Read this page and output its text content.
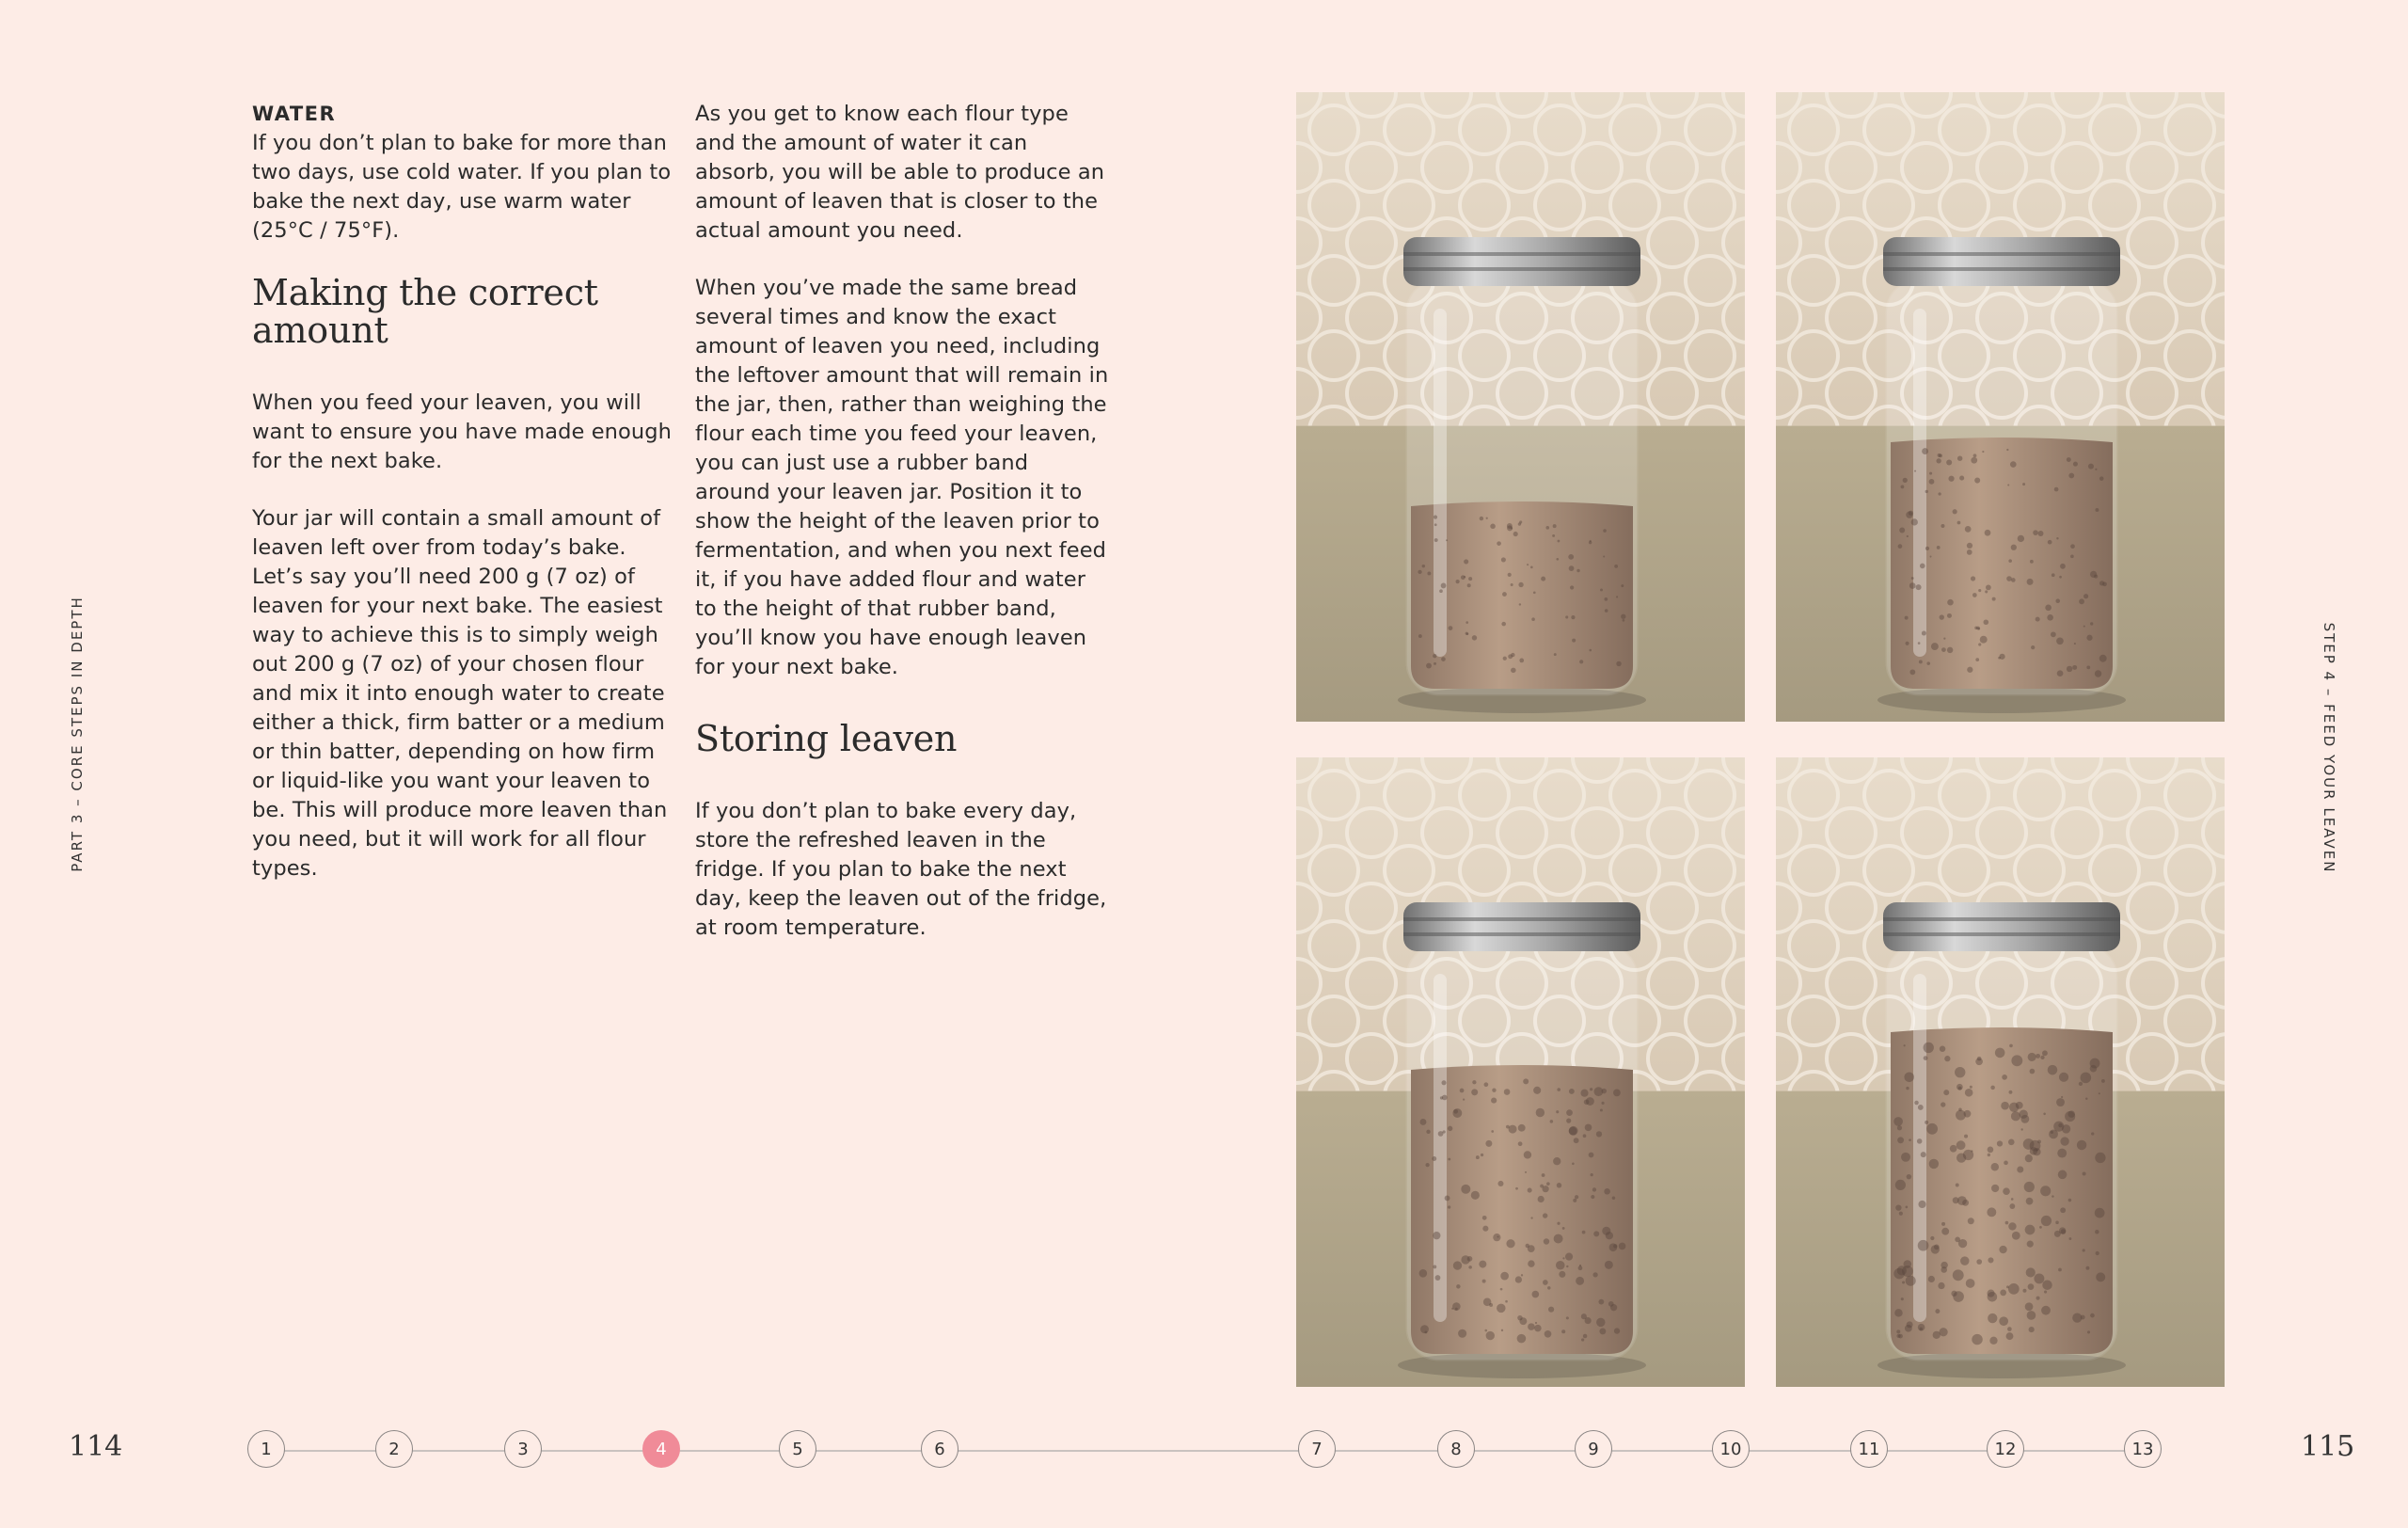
WATER

If you don’t plan to bake for more than two days, use cold water. If you plan to bake the next day, use warm water (25°C / 75°F).

Making the correct amount

When you feed your leaven, you will want to ensure you have made enough for the next bake.

Your jar will contain a small amount of leaven left over from today’s bake. Let’s say you’ll need 200 g (7 oz) of leaven for your next bake. The easiest way to achieve this is to simply weigh out 200 g (7 oz) of your chosen flour and mix it into enough water to create either a thick, firm batter or a medium or thin batter, depending on how firm or liquid-like you want your leaven to be. This will produce more leaven than you need, but it will work for all flour types.

As you get to know each flour type and the amount of water it can absorb, you will be able to produce an amount of leaven that is closer to the actual amount you need.

When you’ve made the same bread several times and know the exact amount of leaven you need, including the leftover amount that will remain in the jar, then, rather than weighing the flour each time you feed your leaven, you can just use a rubber band around your leaven jar. Position it to show the height of the leaven prior to fermentation, and when you next feed it, if you have added flour and water to the height of that rubber band, you’ll know you have enough leaven for your next bake.

Storing leaven

If you don’t plan to bake every day, store the refreshed leaven in the fridge. If you plan to bake the next day, keep the leaven out of the fridge, at room temperature.

PART 3 – CORE STEPS IN DEPTH	STEP 4 – FEED YOUR LEAVEN
114	115
1	2	3	4	5	6	7	8	9	10	11	12	13
